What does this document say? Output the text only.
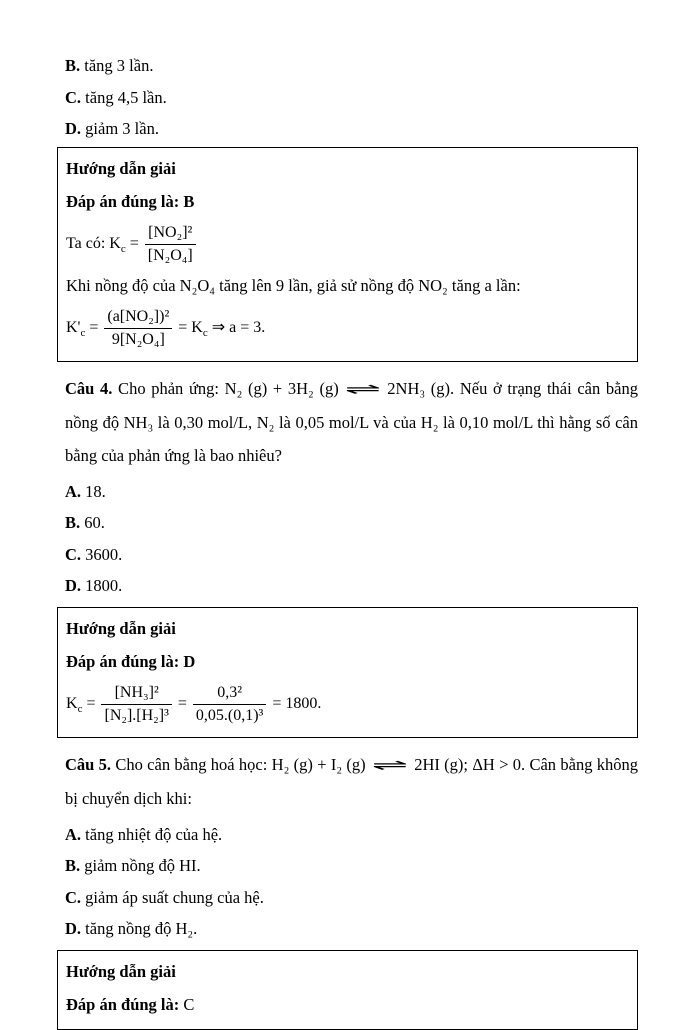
B. tăng 3 lần.

C. tăng 4,5 lần.

D. giảm 3 lần.

Hướng dẫn giải

Đáp án đúng là: B

Ta có: $K_c = \frac{\text{[NO₂]²}}{\text{[N₂O₄]}}$

Khi nồng độ của N₂O₄ tăng lên 9 lần, giả sử nồng độ NO₂ tăng a lần:

$K'_c = \frac{\text{(a[NO₂])²}}{\text{9[N₂O₄]}} = K_c$ ⇒ a = 3.

Câu 4. Cho phản ứng: N₂ (g) + 3H₂ (g) ⇌ 2NH₃ (g). Nếu ở trạng thái cân bằng nồng độ NH₃ là 0,30 mol/L, N₂ là 0,05 mol/L và của H₂ là 0,10 mol/L thì hằng số cân bằng của phản ứng là bao nhiêu?

A. 18.

B. 60.

C. 3600.

D. 1800.

Hướng dẫn giải

Đáp án đúng là: D

$K_c = \frac{\text{[NH₃]²}}{\text{[N₂].[H₂]³}} = \frac{\text{0,3²}}{\text{0,05.(0,1)³}} = 1800$.

Câu 5. Cho cân bằng hoá học: H₂ (g) + I₂ (g) ⇌ 2HI (g); ΔH > 0. Cân bằng không bị chuyển dịch khi:

A. tăng nhiệt độ của hệ.

B. giảm nồng độ HI.

C. giảm áp suất chung của hệ.

D. tăng nồng độ H₂.

Hướng dẫn giải

Đáp án đúng là: C
